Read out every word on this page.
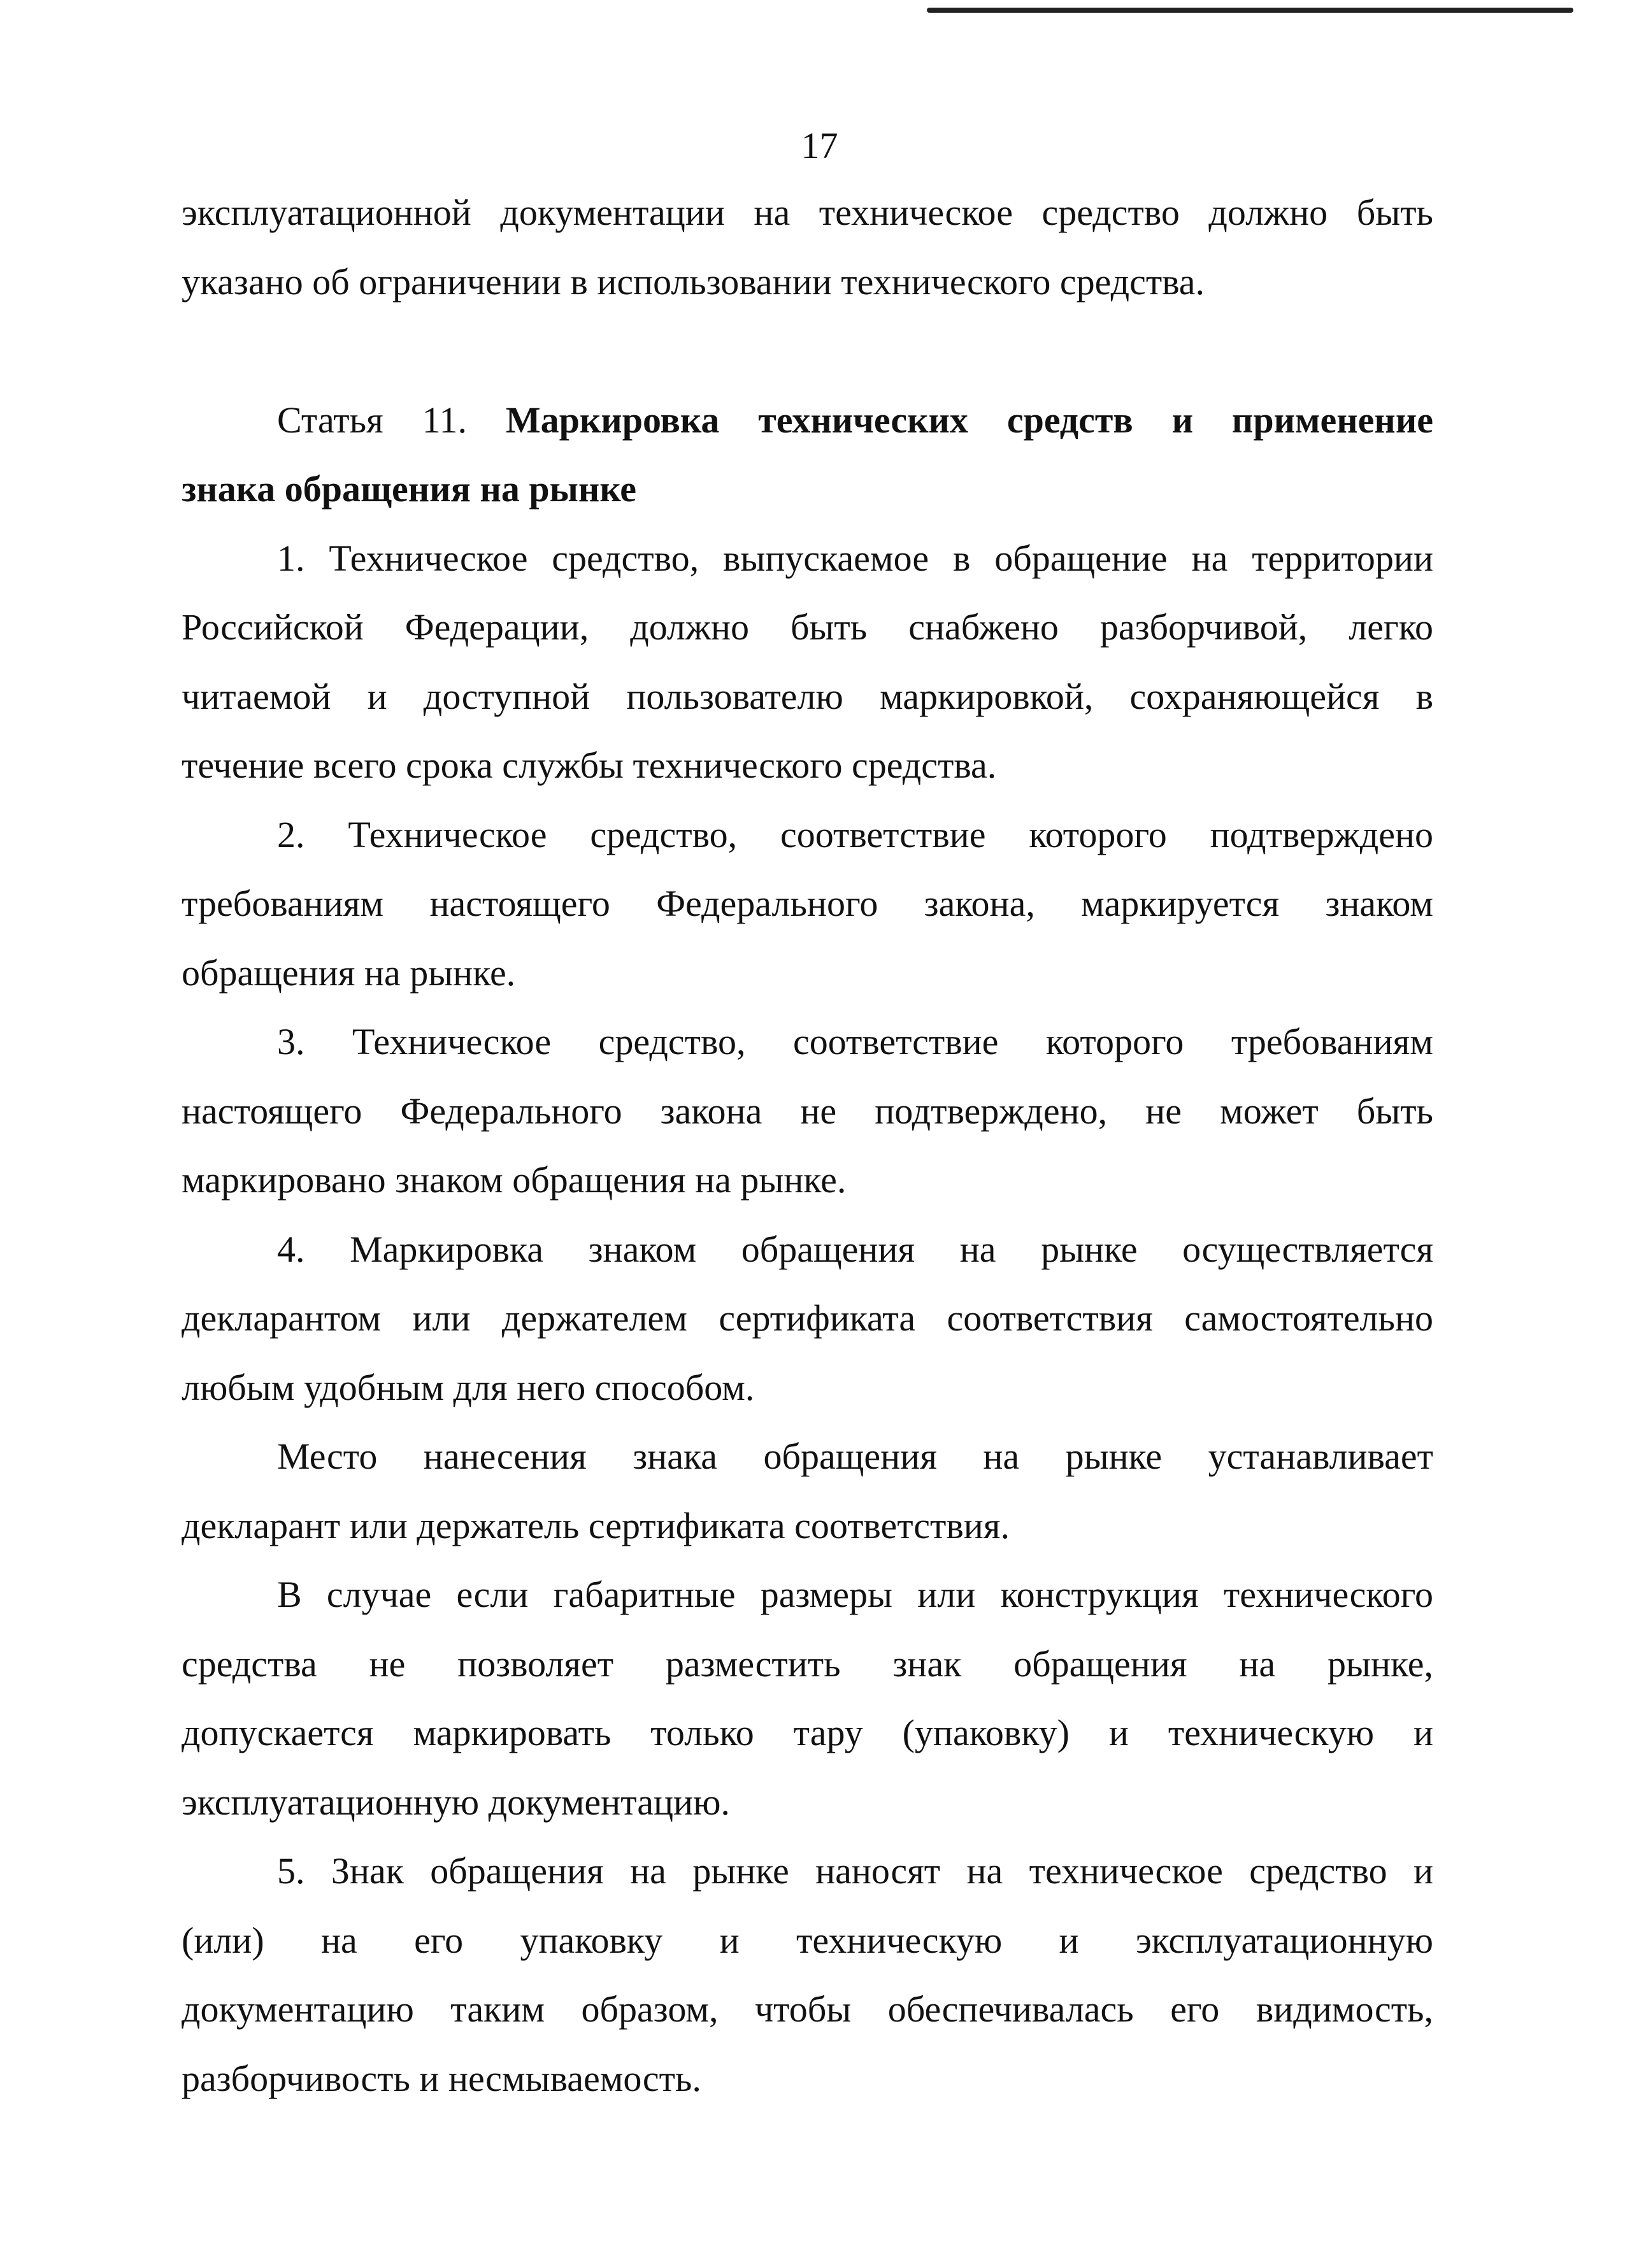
17
эксплуатационной документации на техническое средство должно быть
указано об ограничении в использовании технического средства.
Статья 11. Маркировка технических средств и применение
знака обращения на рынке
1. Техническое средство, выпускаемое в обращение на территории
Российской Федерации, должно быть снабжено разборчивой, легко
читаемой и доступной пользователю маркировкой, сохраняющейся в
течение всего срока службы технического средства.
2. Техническое средство, соответствие которого подтверждено
требованиям настоящего Федерального закона, маркируется знаком
обращения на рынке.
3. Техническое средство, соответствие которого требованиям
настоящего Федерального закона не подтверждено, не может быть
маркировано знаком обращения на рынке.
4. Маркировка знаком обращения на рынке осуществляется
декларантом или держателем сертификата соответствия самостоятельно
любым удобным для него способом.
Место нанесения знака обращения на рынке устанавливает
декларант или держатель сертификата соответствия.
В случае если габаритные размеры или конструкция технического
средства не позволяет разместить знак обращения на рынке,
допускается маркировать только тару (упаковку) и техническую и
эксплуатационную документацию.
5. Знак обращения на рынке наносят на техническое средство и
(или) на его упаковку и техническую и эксплуатационную
документацию таким образом, чтобы обеспечивалась его видимость,
разборчивость и несмываемость.
